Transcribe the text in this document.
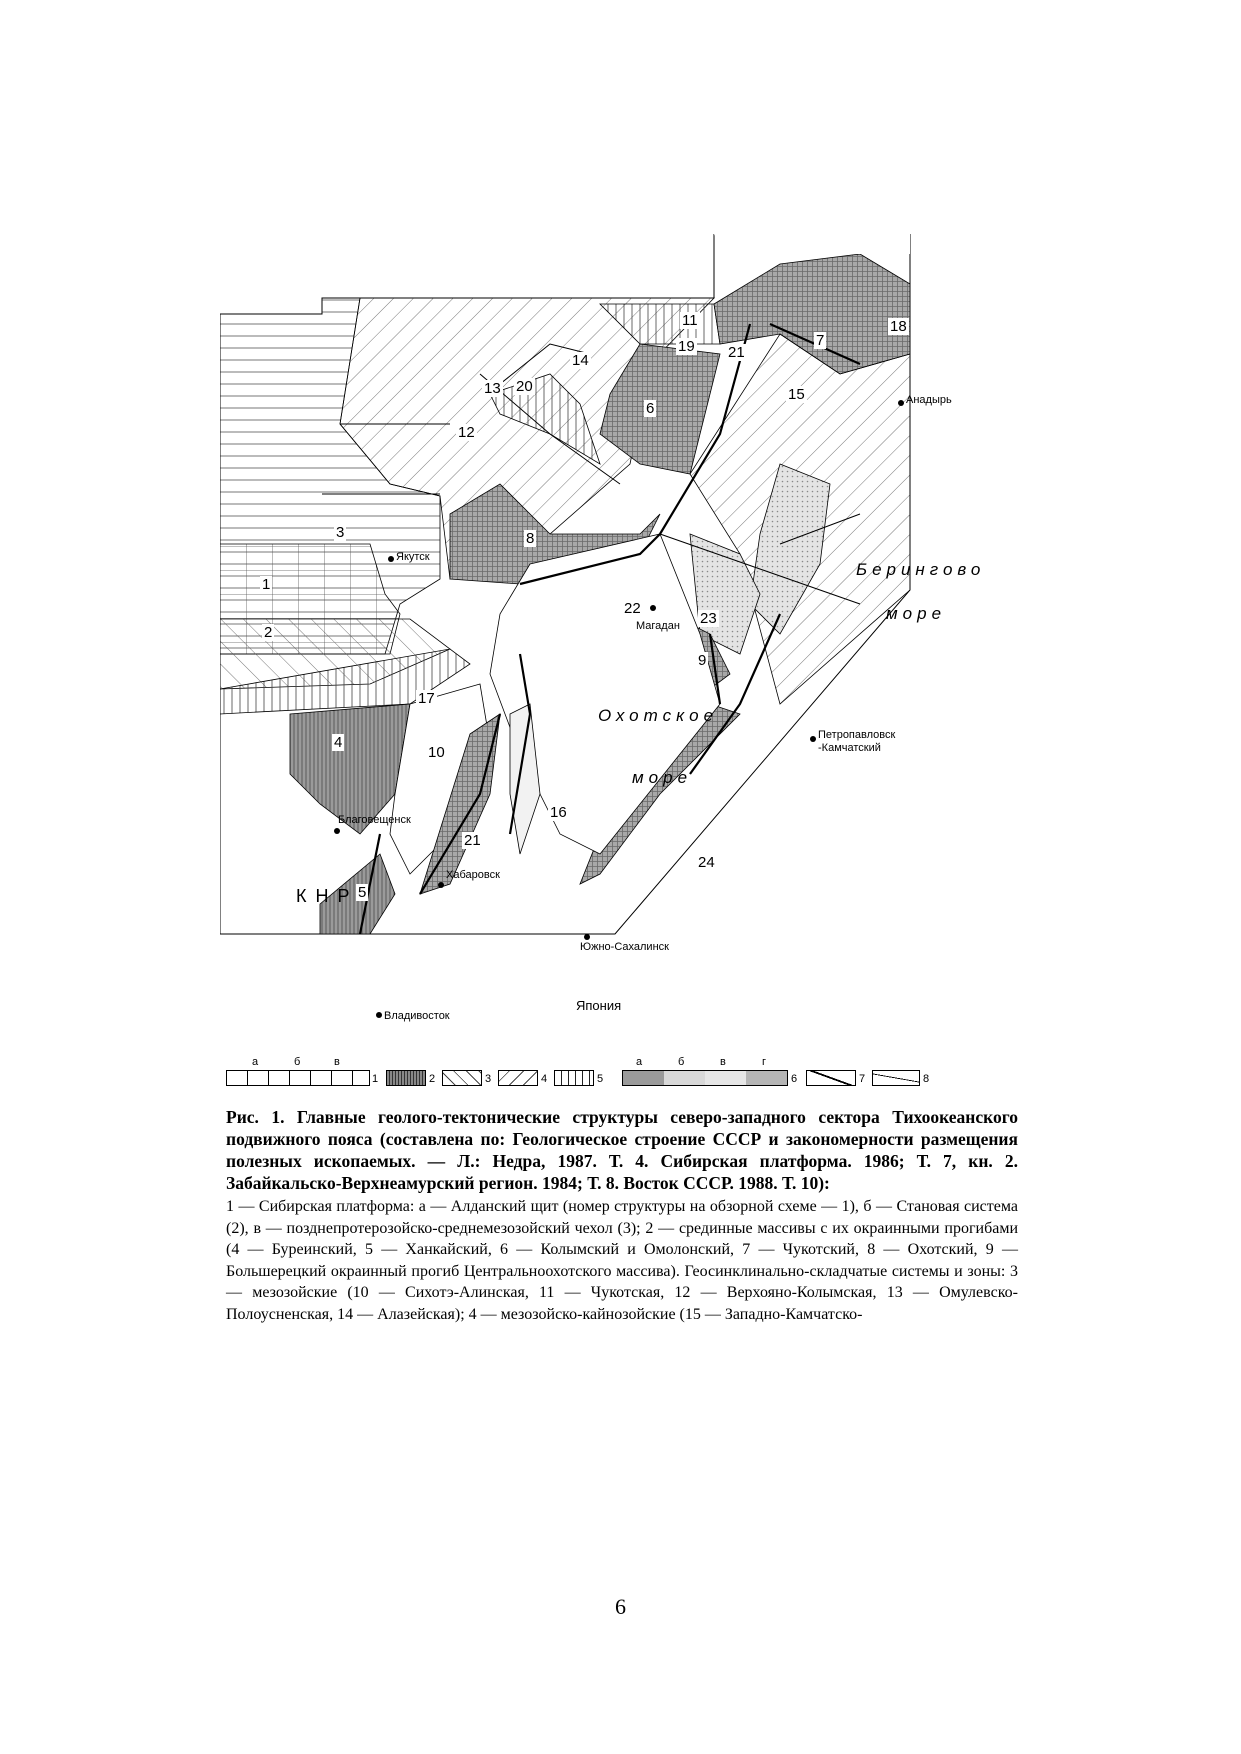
1
2
3
4
5
6
7
8
9
10
11
12
13
14
15
16
17
18
19
20
21
21
22
23
24
Якутск
Магадан
Анадырь
Петропавловск
-Камчатский
Благовещенск
Хабаровск
Владивосток
Южно-Сахалинск
Берингово
море
Охотское
море
К Н Р
Япония
а	б	в
1	2	3	4	5
а	б	в	г
6	7	8

Рис. 1. Главные геолого-тектонические структуры северо-западного сектора Тихоокеанского подвижного пояса (составлена по: Геологическое строение СССР и закономерности размещения полезных ископаемых. — Л.: Недра, 1987. Т. 4. Сибирская платформа. 1986; Т. 7, кн. 2. Забайкальско-Верхнеамурский регион. 1984; Т. 8. Восток СССР. 1988. Т. 10):

1 — Сибирская платформа: а — Алданский щит (номер структуры на обзорной схеме — 1), б — Становая система (2), в — позднепротерозойско-среднемезозойский чехол (3); 2 — срединные массивы с их окраинными прогибами (4 — Буреинский, 5 — Ханкайский, 6 — Колымский и Омолонский, 7 — Чукотский, 8 — Охотский, 9 — Большерецкий окраинный прогиб Центральноохотского массива). Геосинклинально-складчатые системы и зоны: 3 — мезозойские (10 — Сихотэ-Алинская, 11 — Чукотская, 12 — Верхояно-Колымская, 13 — Омулевско-Полоусненская, 14 — Алазейская); 4 — мезозойско-кайнозойские (15 — Западно-Камчатско-

6
